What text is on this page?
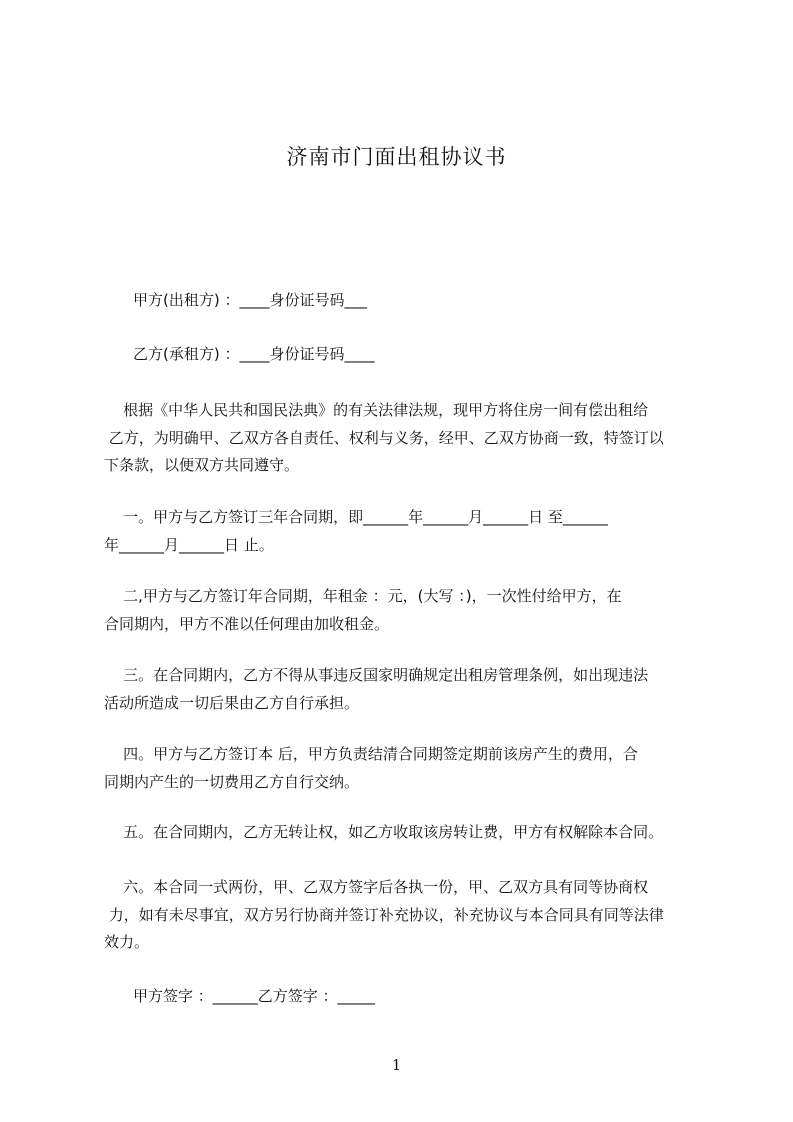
济南市门面出租协议书

甲方(出租方) ：____身份证号码___

乙方(承租方) ：____身份证号码____

根据《中华人民共和国民法典》的有关法律法规，现甲方将住房一间有偿出租给
乙方，为明确甲、乙双方各自责任、权利与义务，经甲、乙双方协商一致，特签订以
下条款，以便双方共同遵守。
一。甲方与乙方签订三年合同期，即______年______月______日 至______
年______月______日 止。
二,甲方与乙方签订年合同期，年租金 ：元，(大写 ：)，一次性付给甲方，在
合同期内，甲方不准以任何理由加收租金。
三。在合同期内，乙方不得从事违反国家明确规定出租房管理条例，如出现违法
活动所造成一切后果由乙方自行承担。
四。甲方与乙方签订本 后，甲方负责结清合同期签定期前该房产生的费用，合
同期内产生的一切费用乙方自行交纳。
五。在合同期内，乙方无转让权，如乙方收取该房转让费，甲方有权解除本合同。
六。本合同一式两份，甲、乙双方签字后各执一份，甲、乙双方具有同等协商权
力，如有未尽事宜，双方另行协商并签订补充协议，补充协议与本合同具有同等法律
效力。

甲方签字 ：______乙方签字 ：_____

1
